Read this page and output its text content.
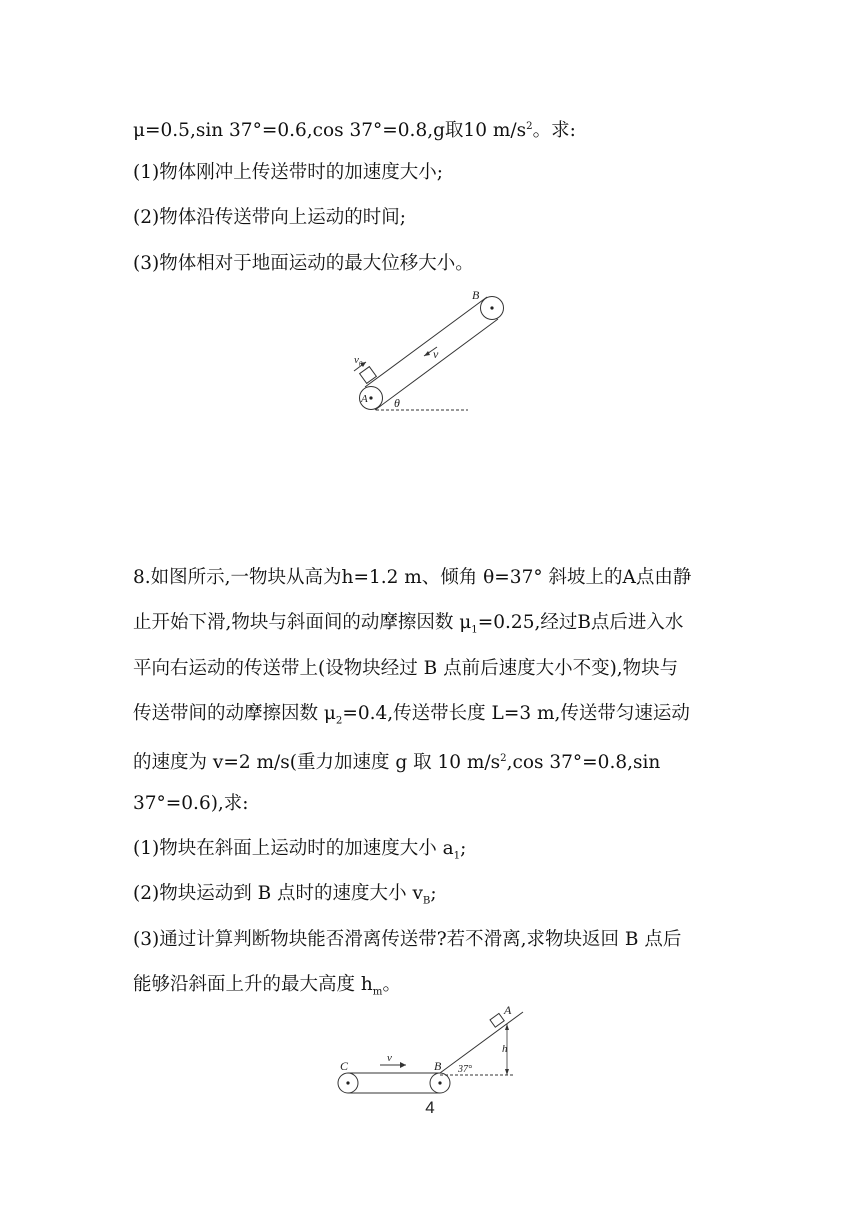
μ=0.5,sin 37°=0.6,cos 37°=0.8,g取10 $m/s^2$。求:
(1)物体刚冲上传送带时的加速度大小;
(2)物体沿传送带向上运动的时间;
(3)物体相对于地面运动的最大位移大小。
$v_0$
v
B
A θ
8.如图所示,一物块从高为h=1.2 m、倾角 θ=37° 斜坡上的A点由静
止开始下滑,物块与斜面间的动摩擦因数 $\mu_1=0.25$,经过B点后进入水
平向右运动的传送带上(设物块经过 B 点前后速度大小不变),物块与
传送带间的动摩擦因数 $\mu_2=0.4$,传送带长度 L=3 m,传送带匀速运动
的速度为 v=2 m/s(重力加速度 g 取 10 $m/s^2,\cos$ 37°=0.8,sin
37°=0.6),求:
(1)物块在斜面上运动时的加速度大小 $a_1$;
(2)物块运动到 B 点时的速度大小 $v_B$;
(3)通过计算判断物块能否滑离传送带?若不滑离,求物块返回 B 点后
能够沿斜面上升的最大高度 $h_m$。
h
v
C	B
A
37°
4
